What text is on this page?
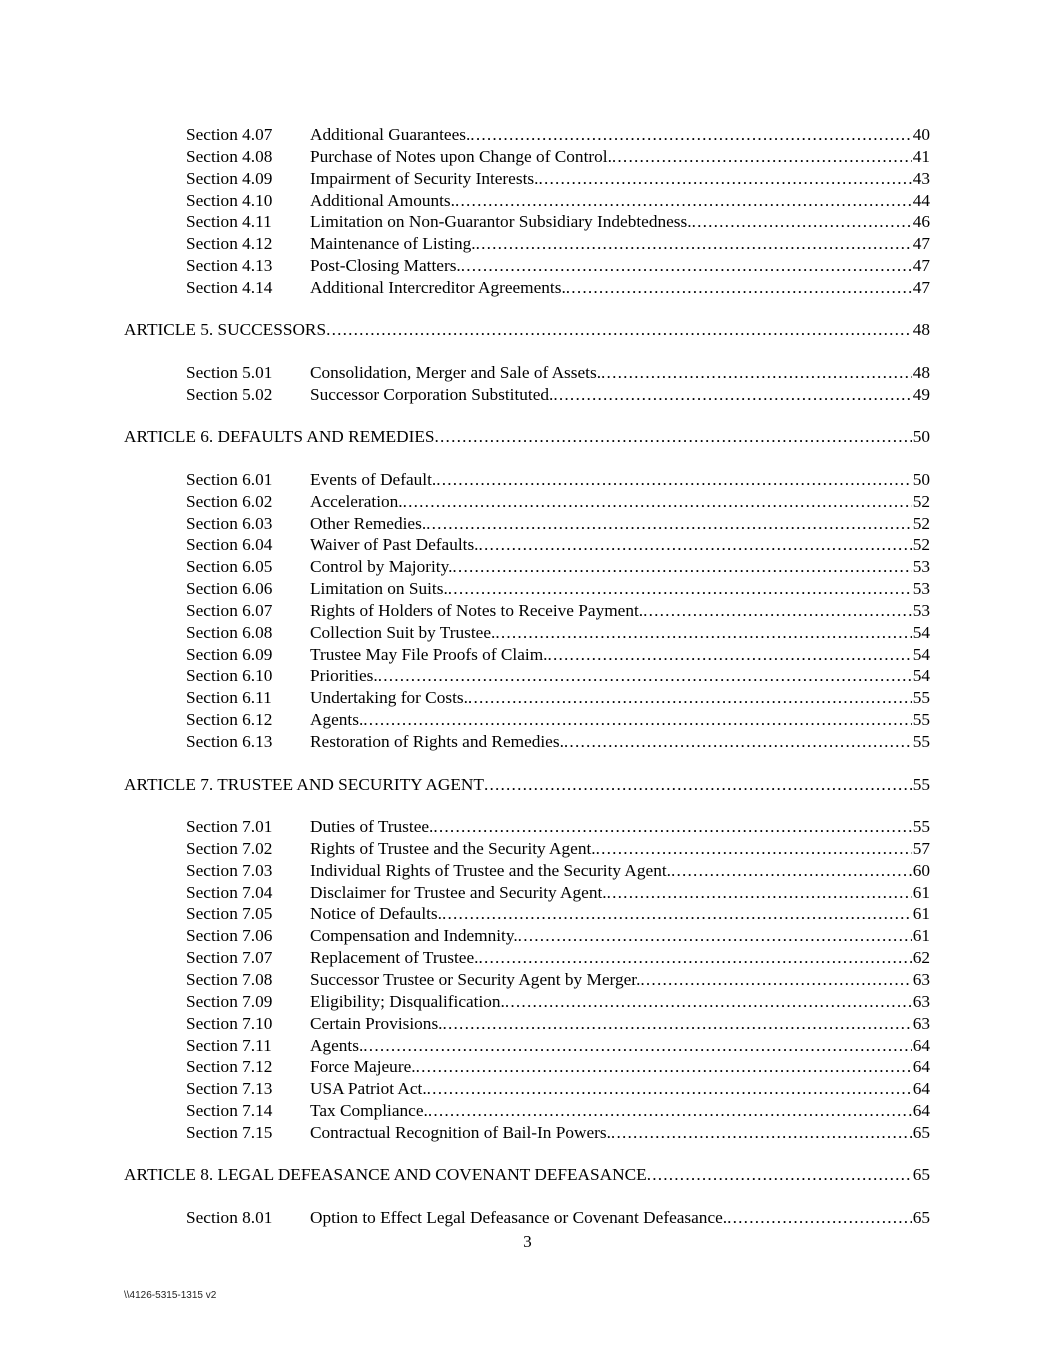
Section 4.07 Additional Guarantees. .....	40
Section 4.08 Purchase of Notes upon Change of Control. .....	41
Section 4.09 Impairment of Security Interests. .....	43
Section 4.10 Additional Amounts. .....	44
Section 4.11 Limitation on Non-Guarantor Subsidiary Indebtedness. .....	46
Section 4.12 Maintenance of Listing. .....	47
Section 4.13 Post-Closing Matters. .....	47
Section 4.14 Additional Intercreditor Agreements. .....	47
ARTICLE 5. SUCCESSORS .....	48
Section 5.01 Consolidation, Merger and Sale of Assets. .....	48
Section 5.02 Successor Corporation Substituted. .....	49
ARTICLE 6. DEFAULTS AND REMEDIES .....	50
Section 6.01 Events of Default. .....	50
Section 6.02 Acceleration. .....	52
Section 6.03 Other Remedies. .....	52
Section 6.04 Waiver of Past Defaults. .....	52
Section 6.05 Control by Majority. .....	53
Section 6.06 Limitation on Suits. .....	53
Section 6.07 Rights of Holders of Notes to Receive Payment. .....	53
Section 6.08 Collection Suit by Trustee. .....	54
Section 6.09 Trustee May File Proofs of Claim. .....	54
Section 6.10 Priorities. .....	54
Section 6.11 Undertaking for Costs. .....	55
Section 6.12 Agents. .....	55
Section 6.13 Restoration of Rights and Remedies. .....	55
ARTICLE 7. TRUSTEE AND SECURITY AGENT .....	55
Section 7.01 Duties of Trustee. .....	55
Section 7.02 Rights of Trustee and the Security Agent. .....	57
Section 7.03 Individual Rights of Trustee and the Security Agent. .....	60
Section 7.04 Disclaimer for Trustee and Security Agent. .....	61
Section 7.05 Notice of Defaults. .....	61
Section 7.06 Compensation and Indemnity. .....	61
Section 7.07 Replacement of Trustee. .....	62
Section 7.08 Successor Trustee or Security Agent by Merger. .....	63
Section 7.09 Eligibility; Disqualification. .....	63
Section 7.10 Certain Provisions. .....	63
Section 7.11 Agents. .....	64
Section 7.12 Force Majeure. .....	64
Section 7.13 USA Patriot Act. .....	64
Section 7.14 Tax Compliance. .....	64
Section 7.15 Contractual Recognition of Bail-In Powers. .....	65
ARTICLE 8. LEGAL DEFEASANCE AND COVENANT DEFEASANCE .....	65
Section 8.01 Option to Effect Legal Defeasance or Covenant Defeasance. .....	65
3
\\4126-5315-1315 v2
